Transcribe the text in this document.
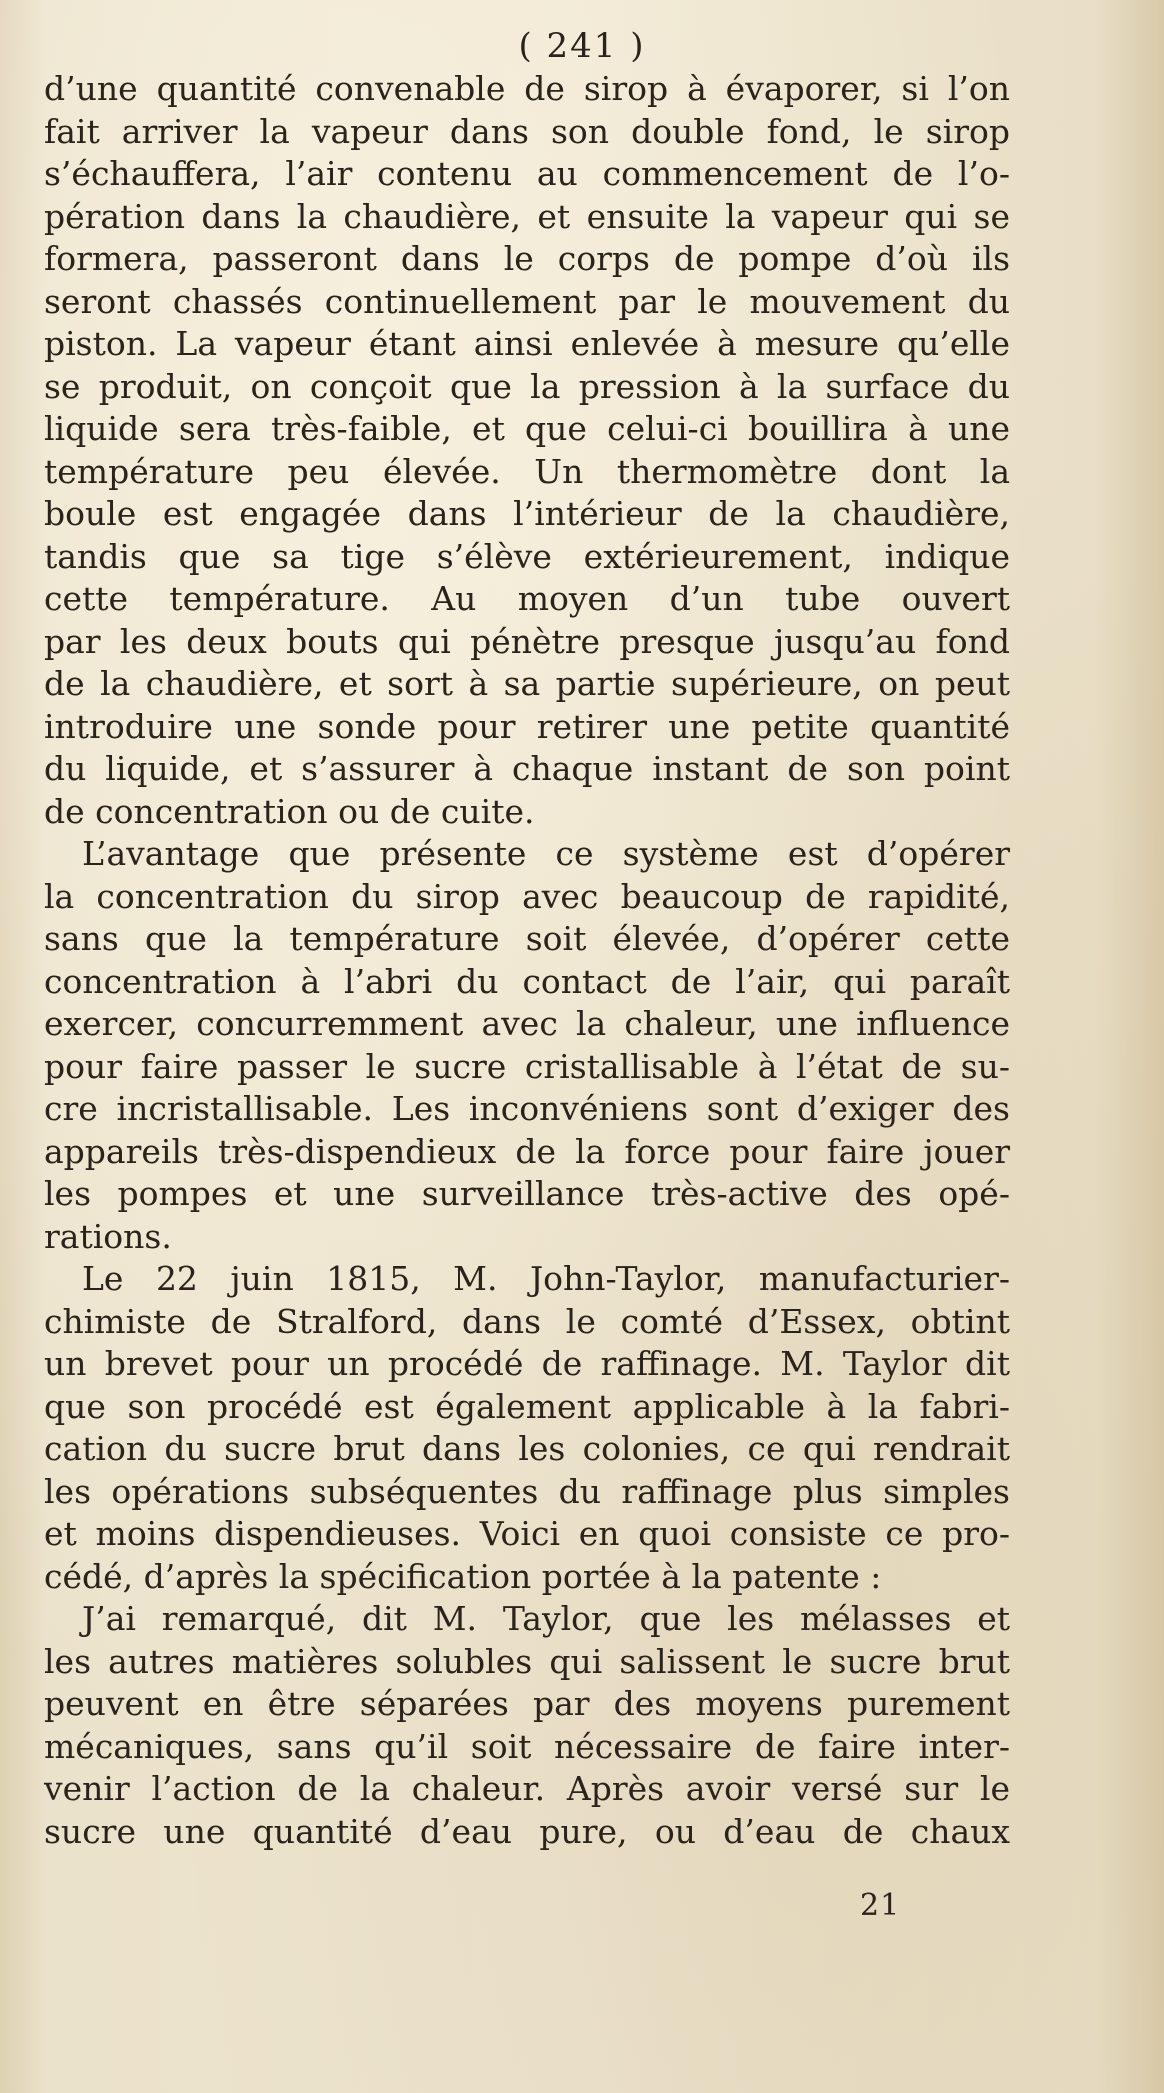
( 241 )
d’une quantité convenable de sirop à évaporer, si l’on
fait arriver la vapeur dans son double fond, le sirop
s’échauffera, l’air contenu au commencement de l’o-
pération dans la chaudière, et ensuite la vapeur qui se
formera, passeront dans le corps de pompe d’où ils
seront chassés continuellement par le mouvement du
piston. La vapeur étant ainsi enlevée à mesure qu’elle
se produit, on conçoit que la pression à la surface du
liquide sera très-faible, et que celui-ci bouillira à une
température peu élevée. Un thermomètre dont la
boule est engagée dans l’intérieur de la chaudière,
tandis que sa tige s’élève extérieurement, indique
cette température. Au moyen d’un tube ouvert
par les deux bouts qui pénètre presque jusqu’au fond
de la chaudière, et sort à sa partie supérieure, on peut
introduire une sonde pour retirer une petite quantité
du liquide, et s’assurer à chaque instant de son point
de concentration ou de cuite.
L’avantage que présente ce système est d’opérer
la concentration du sirop avec beaucoup de rapidité,
sans que la température soit élevée, d’opérer cette
concentration à l’abri du contact de l’air, qui paraît
exercer, concurremment avec la chaleur, une influence
pour faire passer le sucre cristallisable à l’état de su-
cre incristallisable. Les inconvéniens sont d’exiger des
appareils très-dispendieux de la force pour faire jouer
les pompes et une surveillance très-active des opé-
rations.
Le 22 juin 1815, M. John-Taylor, manufacturier-
chimiste de Stralford, dans le comté d’Essex, obtint
un brevet pour un procédé de raffinage. M. Taylor dit
que son procédé est également applicable à la fabri-
cation du sucre brut dans les colonies, ce qui rendrait
les opérations subséquentes du raffinage plus simples
et moins dispendieuses. Voici en quoi consiste ce pro-
cédé, d’après la spécification portée à la patente :
J’ai remarqué, dit M. Taylor, que les mélasses et
les autres matières solubles qui salissent le sucre brut
peuvent en être séparées par des moyens purement
mécaniques, sans qu’il soit nécessaire de faire inter-
venir l’action de la chaleur. Après avoir versé sur le
sucre une quantité d’eau pure, ou d’eau de chaux
21
